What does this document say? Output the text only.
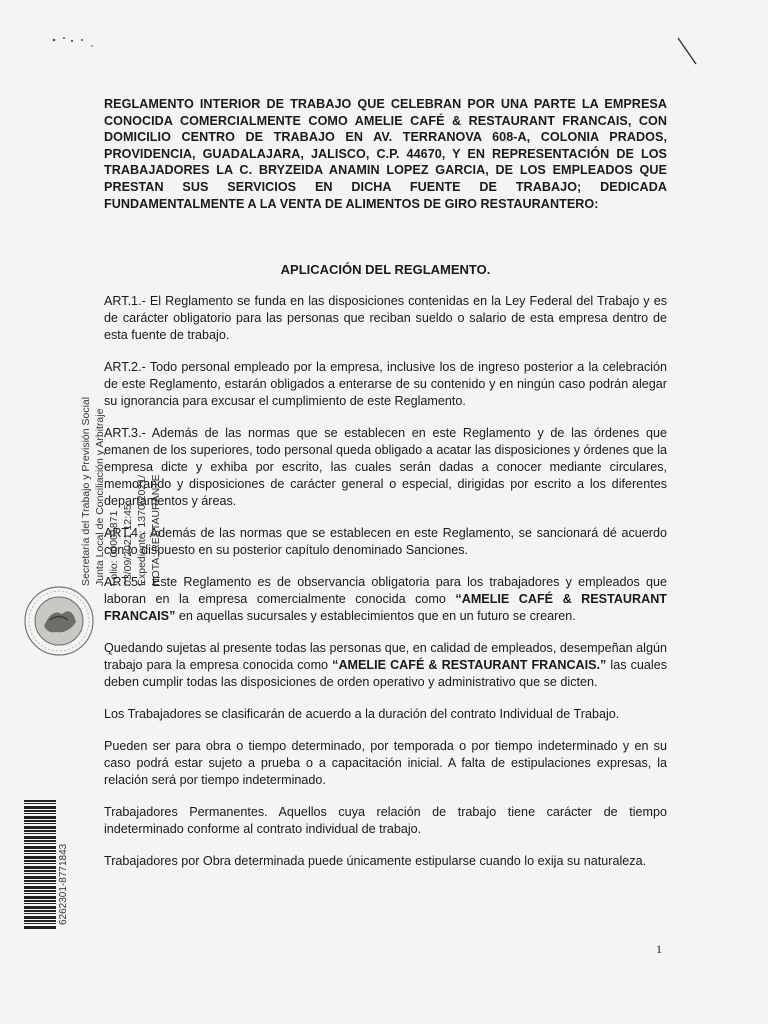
REGLAMENTO INTERIOR DE TRABAJO QUE CELEBRAN POR UNA PARTE LA EMPRESA CONOCIDA COMERCIALMENTE COMO AMELIE CAFÉ & RESTAURANT FRANCAIS, CON DOMICILIO CENTRO DE TRABAJO EN AV. TERRANOVA 608-A, COLONIA PRADOS, PROVIDENCIA, GUADALAJARA, JALISCO, C.P. 44670, Y EN REPRESENTACIÓN DE LOS TRABAJADORES LA C. BRYZEIDA ANAMIN LOPEZ GARCIA, DE LOS EMPLEADOS QUE PRESTAN SUS SERVICIOS EN DICHA FUENTE DE TRABAJO; DEDICADA FUNDAMENTALMENTE A LA VENTA DE ALIMENTOS DE GIRO RESTAURANTERO:
APLICACIÓN DEL REGLAMENTO.

ART.1.- El Reglamento se funda en las disposiciones contenidas en la Ley Federal del Trabajo y es de carácter obligatorio para las personas que reciban sueldo o salario de esta empresa dentro de esta fuente de trabajo.

ART.2.- Todo personal empleado por la empresa, inclusive los de ingreso posterior a la celebración de este Reglamento, estarán obligados a enterarse de su contenido y en ningún caso podrán alegar su ignorancia para excusar el cumplimiento de este Reglamento.

ART.3.- Además de las normas que se establecen en este Reglamento y de las órdenes que emanen de los superiores, todo personal queda obligado a acatar las disposiciones y órdenes que la empresa dicte y exhiba por escrito, las cuales serán dadas a conocer mediante circulares, memorando y disposiciones de carácter general o especial, dirigidas por escrito a los diferentes departamentos y áreas.

ART.4.- Además de las normas que se establecen en este Reglamento, se sancionará dé acuerdo con lo dispuesto en su posterior capítulo denominado Sanciones.

ART.5.- Este Reglamento es de observancia obligatoria para los trabajadores y empleados que laboran en la empresa comercialmente conocida como “AMELIE CAFÉ & RESTAURANT FRANCAIS” en aquellas sucursales y establecimientos que en un futuro se crearen.

Quedando sujetas al presente todas las personas que, en calidad de empleados, desempeñan algún trabajo para la empresa conocida como “AMELIE CAFÉ & RESTAURANT FRANCAIS.” las cuales deben cumplir todas las disposiciones de orden operativo y administrativo que se dicten.

Los Trabajadores se clasificarán de acuerdo a la duración del contrato Individual de Trabajo.

Pueden ser para obra o tiempo determinado, por temporada o por tiempo indeterminado y en su caso podrá estar sujeto a prueba o a capacitación inicial. A falta de estipulaciones expresas, la relación será por tiempo indeterminado.

Trabajadores Permanentes. Aquellos cuya relación de trabajo tiene carácter de tiempo indeterminado conforme al contrato individual de trabajo.

Trabajadores por Obra determinada puede únicamente estipularse cuando lo exija su naturaleza.

1
Secretaría del Trabajo y Previsión Social Junta Local de Conciliación y Arbitraje Folio: 00001871 03/09/2021 12:45 Expediente: 1370/2021/ NOTA: RESTAURANTE
6262301-8771843
